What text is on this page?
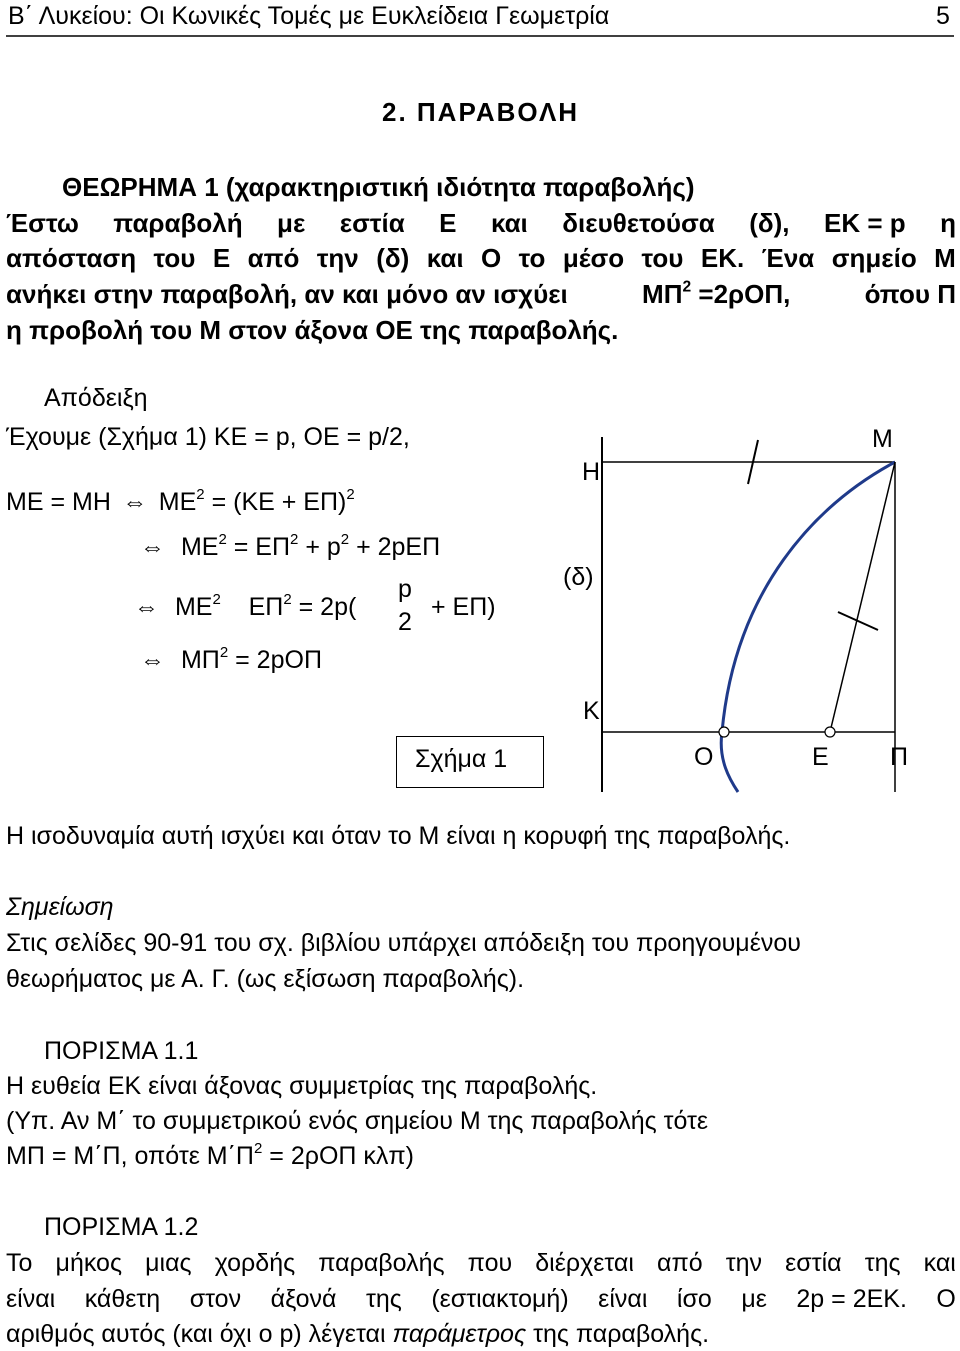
Β΄ Λυκείου: Οι Κωνικές Τομές με Ευκλείδεια Γεωμετρία	5
2. ΠΑΡΑΒΟΛΗ
ΘΕΩΡΗΜΑ 1 (χαρακτηριστική ιδιότητα παραβολής)
Έστω παραβολή με εστία Ε και διευθετούσα (δ), ΕΚ = p η
απόσταση του Ε από την (δ) και Ο το μέσο του ΕΚ. Ένα σημείο Μ
ανήκει στην παραβολή, αν και μόνο αν ισχύει	$M\Pi^2 =2\rho O\Pi$,	όπου Π
η προβολή του Μ στον άξονα ΟΕ της παραβολής.
Απόδειξη
Έχουμε (Σχήμα 1) ΚΕ = p, ΟΕ = p/2,
ΜΕ = ΜΗ ⇔ $ME^2 = (KE + E\Pi)^2$
⇔ $ME^2 = E\Pi^2 + p^2 + 2pE\Pi$
⇔ $ME^2$ $E\Pi^2 = 2p$(
p
2
+ ΕΠ)
⇔ $M\Pi^2 = 2pO\Pi$
Σχήμα 1
Η
(δ)
Κ
Ο	Ε Π
Μ
Η ισοδυναμία αυτή ισχύει και όταν το Μ είναι η κορυφή της παραβολής.
Σημείωση
Στις σελίδες 90-91 του σχ. βιβλίου υπάρχει απόδειξη του προηγουμένου
θεωρήματος με Α. Γ. (ως εξίσωση παραβολής).
ΠΟΡΙΣΜΑ 1.1
Η ευθεία ΕΚ είναι άξονας συμμετρίας της παραβολής.
(Υπ. Αν Μ΄ το συμμετρικού ενός σημείου Μ της παραβολής τότε
ΜΠ = Μ΄Π, οπότε $M΄\Pi^2 = 2\rho O\Pi$ κλπ)
ΠΟΡΙΣΜΑ 1.2
Το μήκος μιας χορδής παραβολής που διέρχεται από την εστία της και
είναι κάθετη στον άξονά της (εστιακτομή) είναι ίσο με 2p = 2ΕΚ. Ο
αριθμός αυτός (και όχι ο p) λέγεται παράμετρος της παραβολής.
